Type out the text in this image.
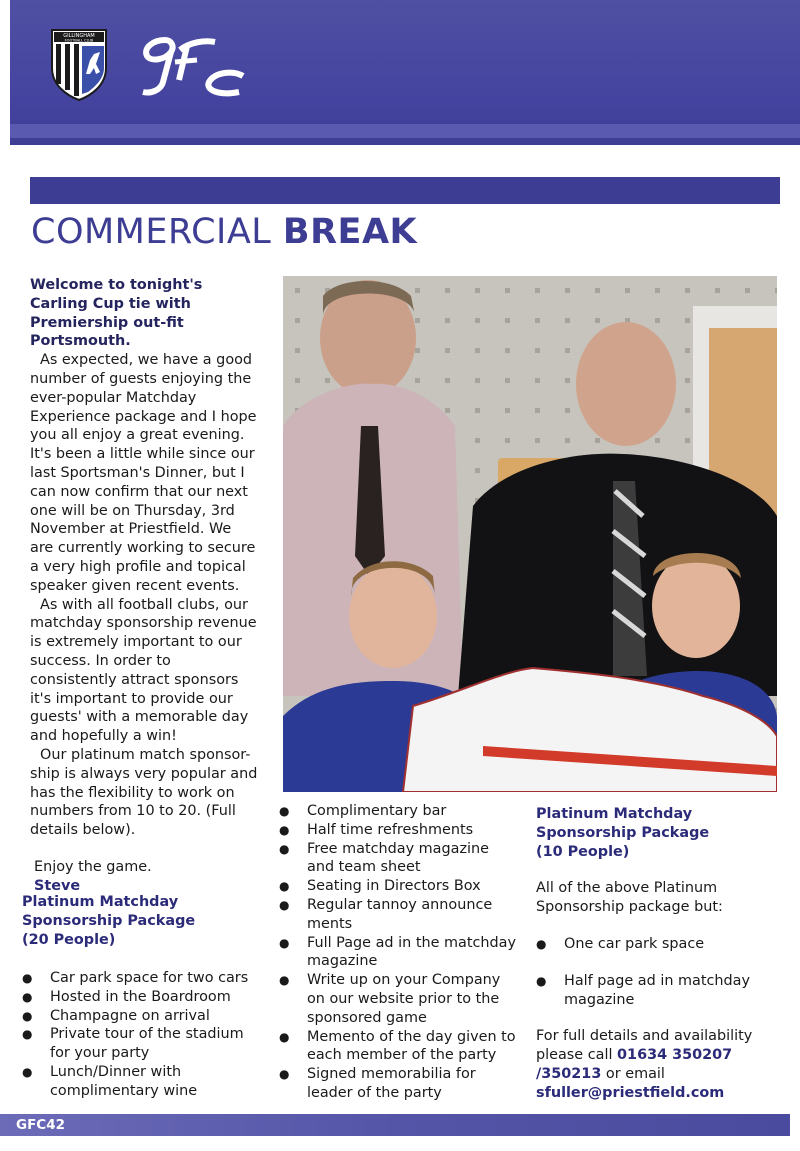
GILLINGHAM
FOOTBALL CLUB
COMMERCIAL BREAK

Welcome to tonight's Carling Cup tie with Premiership out-fit Portsmouth.

As expected, we have a good number of guests enjoying the ever-popular Matchday Experience package and I hope you all enjoy a great evening. It's been a little while since our last Sportsman's Dinner, but I can now confirm that our next one will be on Thursday, 3rd November at Priestfield. We are currently working to secure a very high profile and topical speaker given recent events.

As with all football clubs, our matchday sponsorship revenue is extremely important to our success. In order to consistently attract sponsors it's important to provide our guests' with a memorable day and hopefully a win!

Our platinum match sponsor-ship is always very popular and has the flexibility to work on numbers from 10 to 20. (Full details below).

Enjoy the game.

Steve

Platinum Matchday

Sponsorship Package

(20 People)

● Car park space for two cars
● Hosted in the Boardroom
● Champagne on arrival
● Private tour of the stadium for your party
● Lunch/Dinner with complimentary wine
● Complimentary bar
● Half time refreshments
● Free matchday magazine and team sheet
● Seating in Directors Box
● Regular tannoy announce ments
● Full Page ad in the matchday magazine
● Write up on your Company on our website prior to the sponsored game
● Memento of the day given to each member of the party
● Signed memorabilia for leader of the party

Platinum Matchday

Sponsorship Package

(10 People)

All of the above Platinum Sponsorship package but:

● One car park space
● Half page ad in matchday magazine

For full details and availability please call 01634 350207 /350213 or email sfuller@priestfield.com

GFC42
